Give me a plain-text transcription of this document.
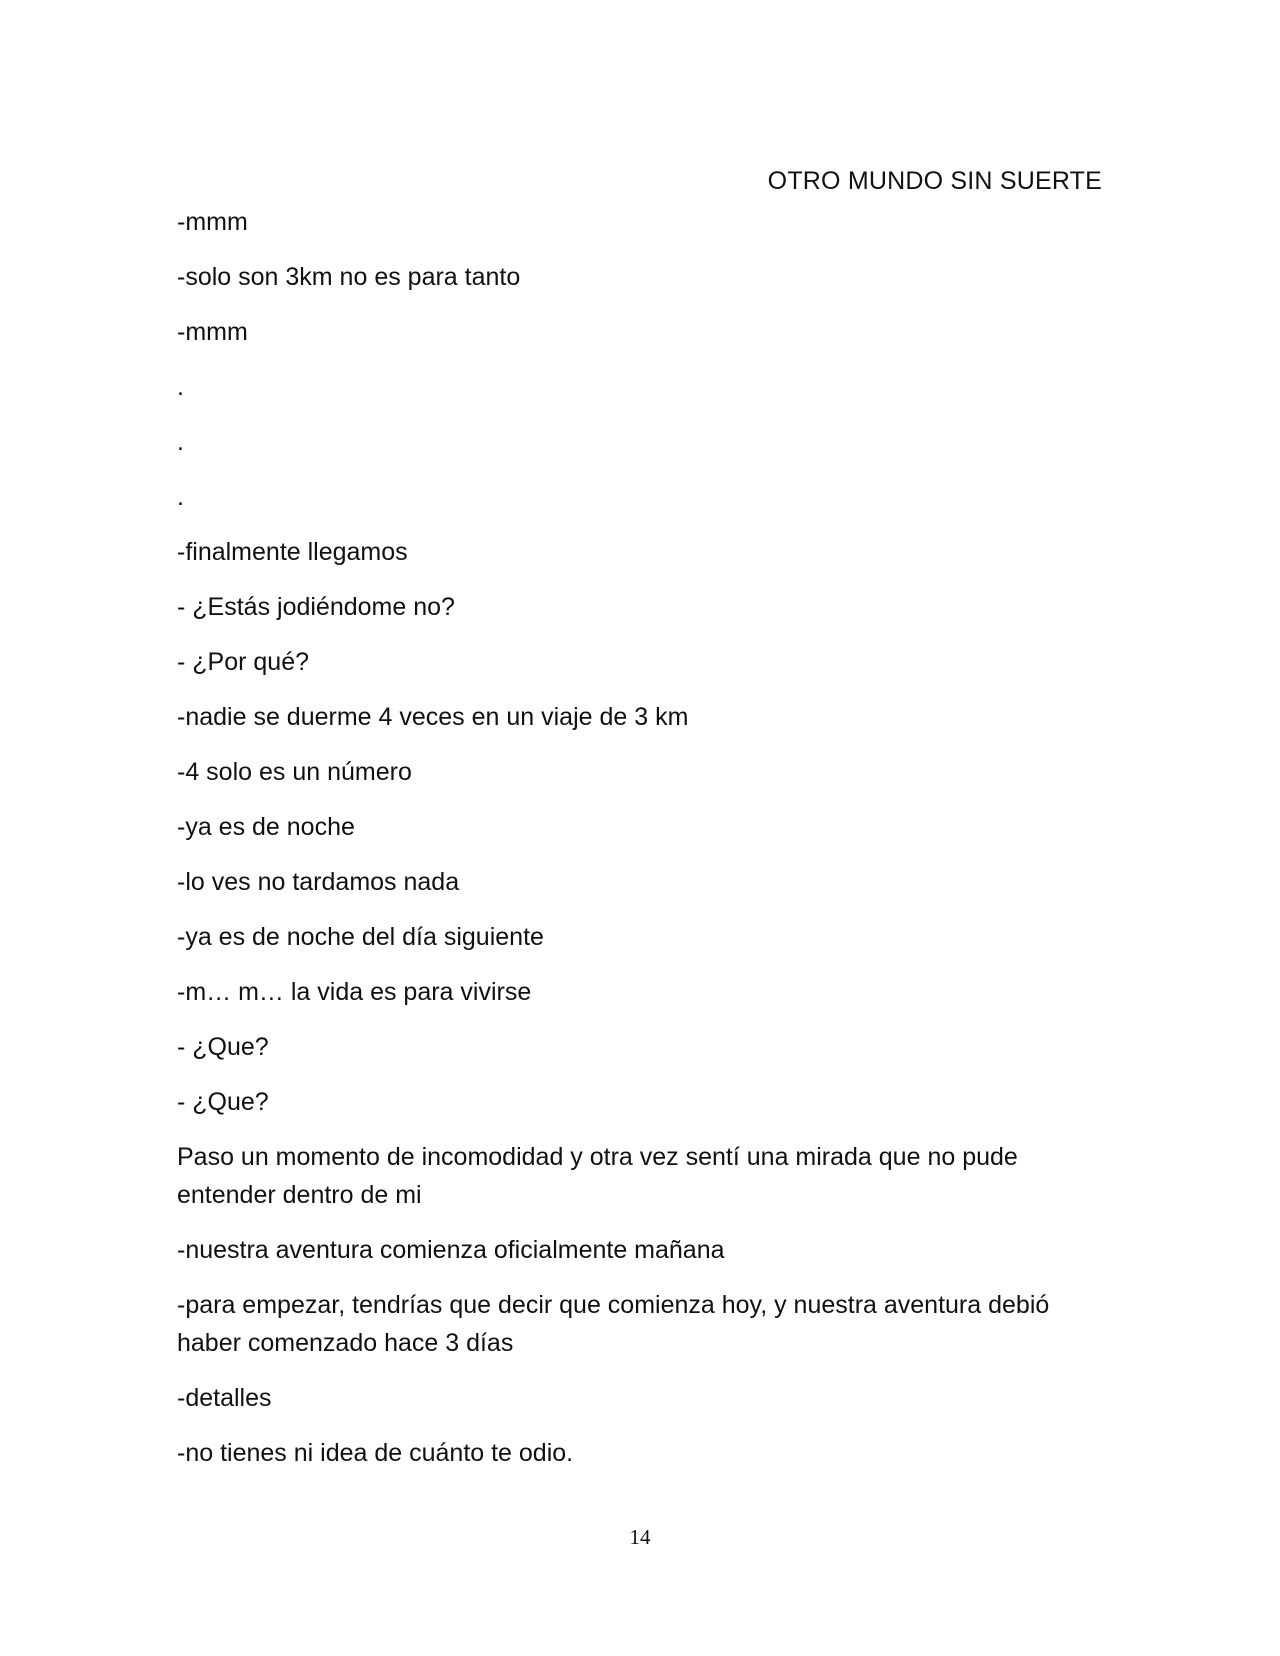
OTRO MUNDO SIN SUERTE

-mmm

-solo son 3km no es para tanto

-mmm

.

.

.

-finalmente llegamos

- ¿Estás jodiéndome no?

- ¿Por qué?

-nadie se duerme 4 veces en un viaje de 3 km

-4 solo es un número

-ya es de noche

-lo ves no tardamos nada

-ya es de noche del día siguiente

-m… m… la vida es para vivirse

- ¿Que?

- ¿Que?

Paso un momento de incomodidad y otra vez sentí una mirada que no pude entender dentro de mi

-nuestra aventura comienza oficialmente mañana

-para empezar, tendrías que decir que comienza hoy, y nuestra aventura debió haber comenzado hace 3 días

-detalles

-no tienes ni idea de cuánto te odio.

14
